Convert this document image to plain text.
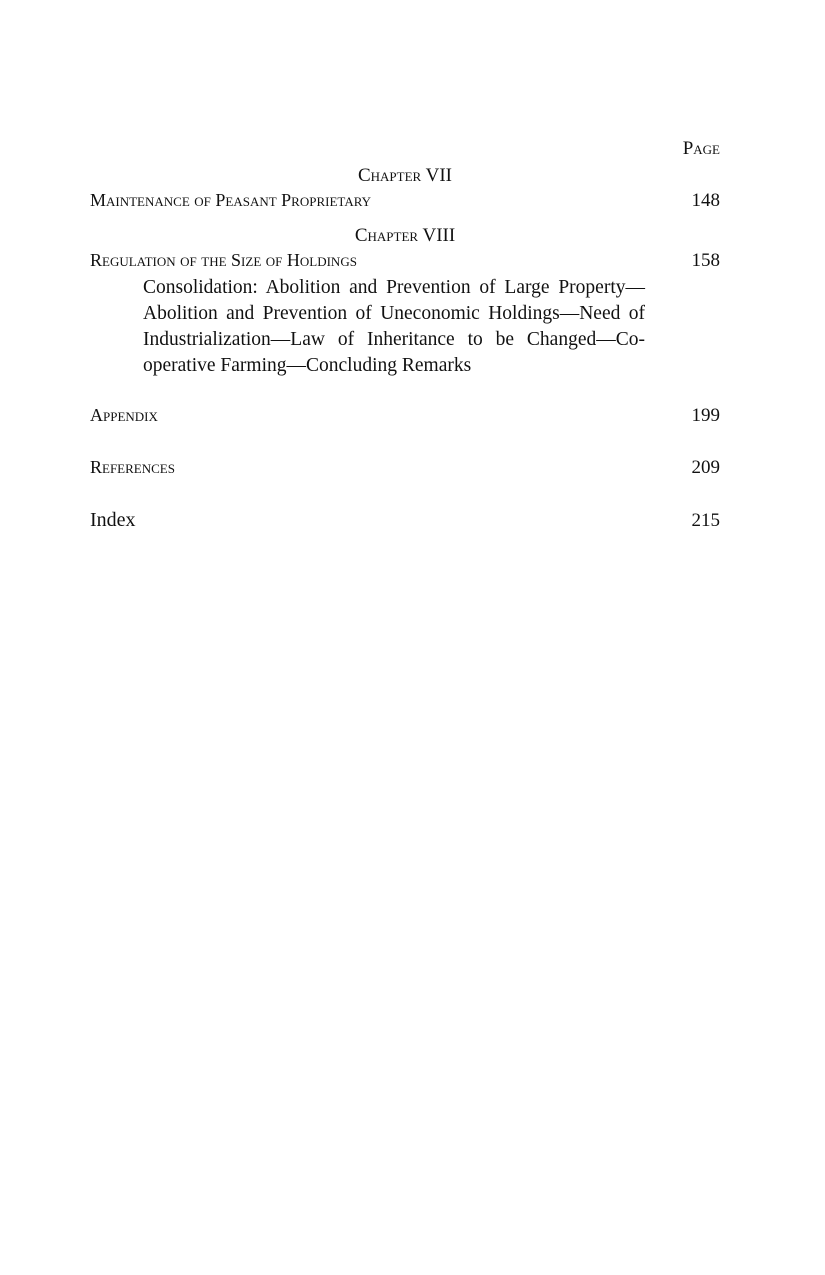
Page
Chapter VII
Maintenance of Peasant Proprietary	148
Chapter VIII
Regulation of the Size of Holdings	158
Consolidation: Abolition and Prevention of Large Property—Abolition and Prevention of Uneconomic Holdings—Need of Industrialization—Law of Inheritance to be Changed—Co-operative Farming—Concluding Remarks
Appendix	199
References	209
Index	215
